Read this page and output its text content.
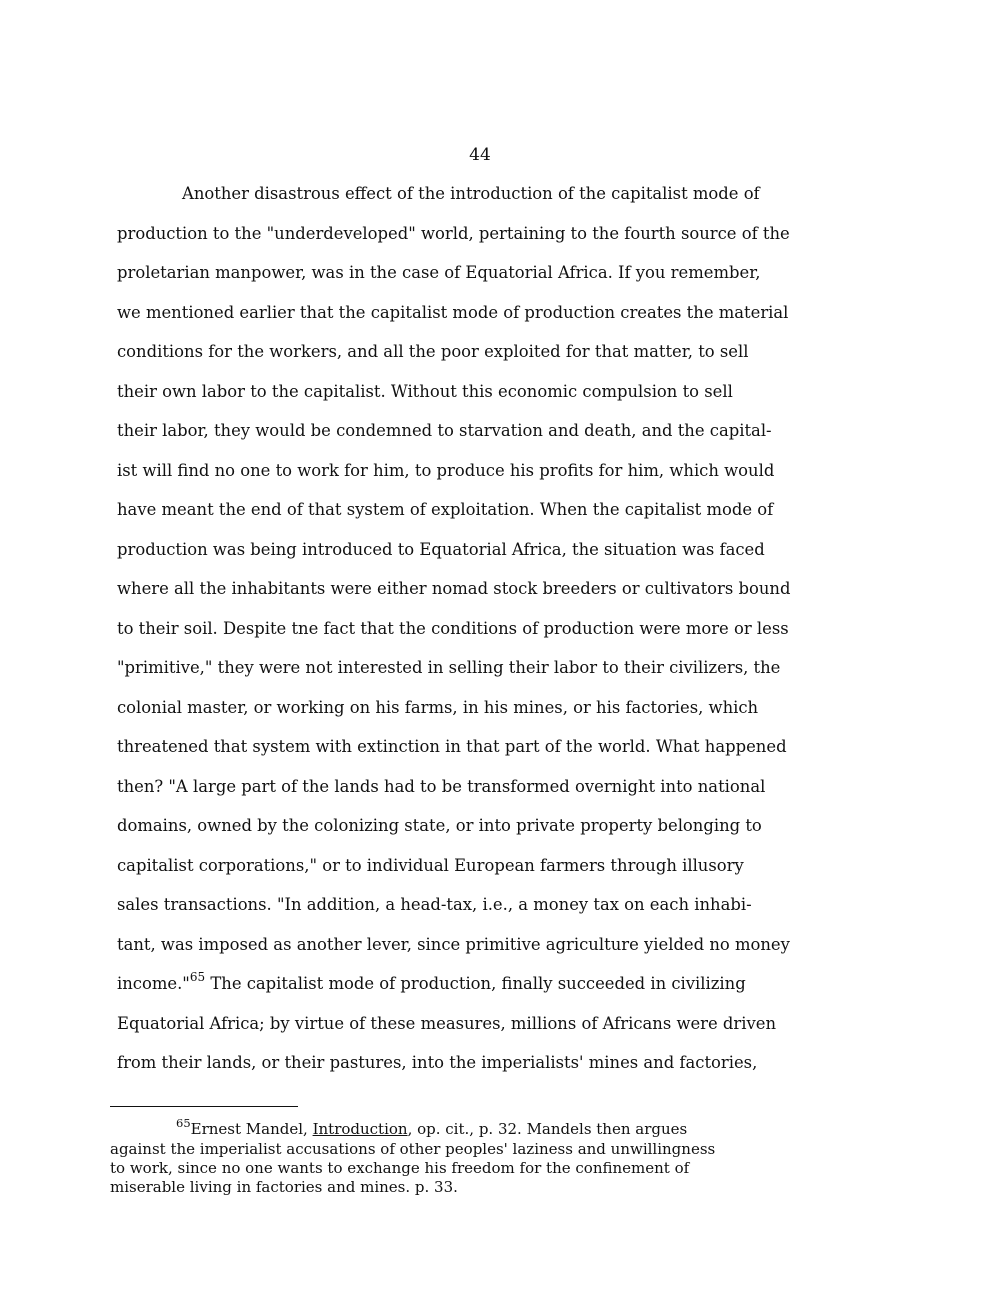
44
Another disastrous effect of the introduction of the capitalist mode of
production to the "underdeveloped" world, pertaining to the fourth source of the
proletarian manpower, was in the case of Equatorial Africa. If you remember,
we mentioned earlier that the capitalist mode of production creates the material
conditions for the workers, and all the poor exploited for that matter, to sell
their own labor to the capitalist. Without this economic compulsion to sell
their labor, they would be condemned to starvation and death, and the capital-
ist will find no one to work for him, to produce his profits for him, which would
have meant the end of that system of exploitation. When the capitalist mode of
production was being introduced to Equatorial Africa, the situation was faced
where all the inhabitants were either nomad stock breeders or cultivators bound
to their soil. Despite tne fact that the conditions of production were more or less
"primitive," they were not interested in selling their labor to their civilizers, the
colonial master, or working on his farms, in his mines, or his factories, which
threatened that system with extinction in that part of the world. What happened
then? "A large part of the lands had to be transformed overnight into national
domains, owned by the colonizing state, or into private property belonging to
capitalist corporations," or to individual European farmers through illusory
sales transactions. "In addition, a head-tax, i.e., a money tax on each inhabi-
tant, was imposed as another lever, since primitive agriculture yielded no money
income."$^{65}$ The capitalist mode of production, finally succeeded in civilizing
Equatorial Africa; by virtue of these measures, millions of Africans were driven
from their lands, or their pastures, into the imperialists' mines and factories,
$^{65}$Ernest Mandel, Introduction, op. cit., p. 32. Mandels then argues
against the imperialist accusations of other peoples' laziness and unwillingness
to work, since no one wants to exchange his freedom for the confinement of
miserable living in factories and mines. p. 33.
